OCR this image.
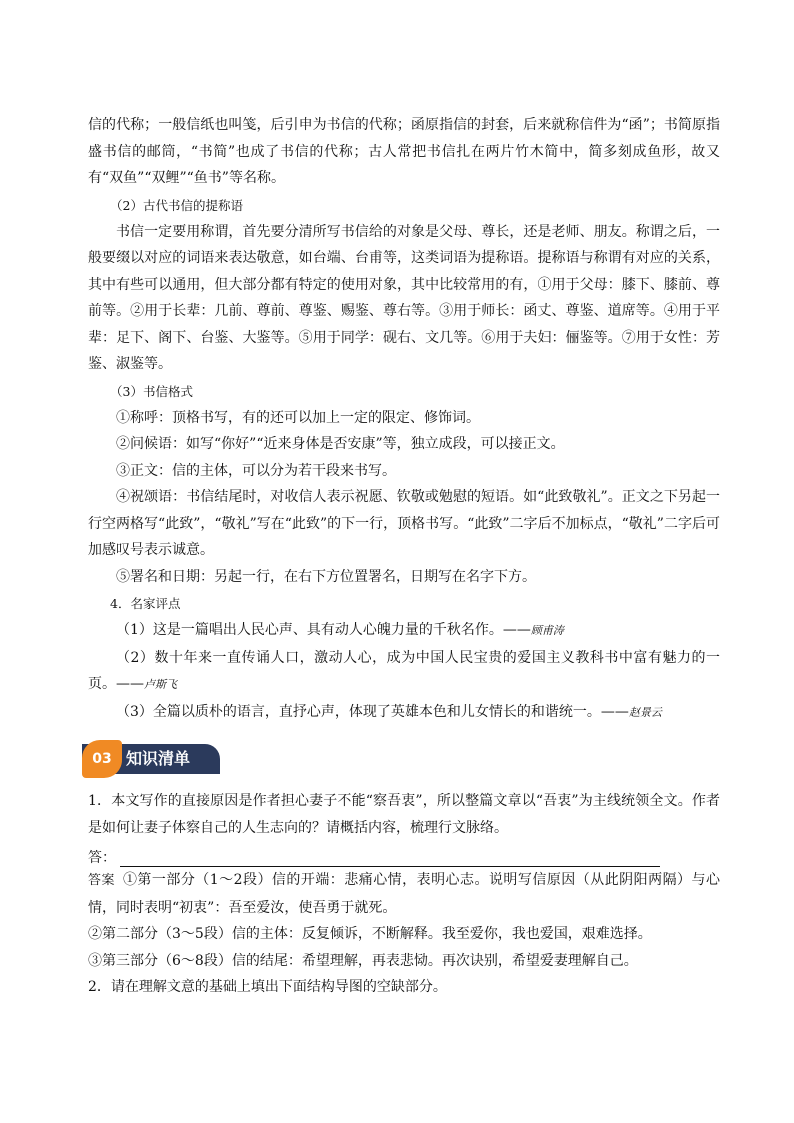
信的代称；一般信纸也叫笺，后引申为书信的代称；函原指信的封套，后来就称信件为“函”；书简原指盛书信的邮筒，“书简”也成了书信的代称；古人常把书信扎在两片竹木简中，简多刻成鱼形，故又有“双鱼”“双鲤”“鱼书”等名称。

（2）古代书信的提称语

书信一定要用称谓，首先要分清所写书信给的对象是父母、尊长，还是老师、朋友。称谓之后，一般要缀以对应的词语来表达敬意，如台端、台甫等，这类词语为提称语。提称语与称谓有对应的关系，其中有些可以通用，但大部分都有特定的使用对象，其中比较常用的有，①用于父母：膝下、膝前、尊前等。②用于长辈：几前、尊前、尊鉴、赐鉴、尊右等。③用于师长：函丈、尊鉴、道席等。④用于平辈：足下、阁下、台鉴、大鉴等。⑤用于同学：砚右、文几等。⑥用于夫妇：俪鉴等。⑦用于女性：芳鉴、淑鉴等。

（3）书信格式

①称呼：顶格书写，有的还可以加上一定的限定、修饰词。

②问候语：如写“你好”“近来身体是否安康”等，独立成段，可以接正文。

③正文：信的主体，可以分为若干段来书写。

④祝颂语：书信结尾时，对收信人表示祝愿、钦敬或勉慰的短语。如“此致敬礼”。正文之下另起一行空两格写“此致”，“敬礼”写在“此致”的下一行，顶格书写。“此致”二字后不加标点，“敬礼”二字后可加感叹号表示诚意。

⑤署名和日期：另起一行，在右下方位置署名，日期写在名字下方。

4．名家评点

（1）这是一篇唱出人民心声、具有动人心魄力量的千秋名作。——顾甫涛

（2）数十年来一直传诵人口，激动人心，成为中国人民宝贵的爱国主义教科书中富有魅力的一页。——卢斯飞

（3）全篇以质朴的语言，直抒心声，体现了英雄本色和儿女情长的和谐统一。——赵景云

03 知识清单

1．本文写作的直接原因是作者担心妻子不能“察吾衷”，所以整篇文章以“吾衷”为主线统领全文。作者是如何让妻子体察自己的人生志向的？请概括内容，梳理行文脉络。

答：

答案 ①第一部分（1～2段）信的开端：悲痛心情，表明心志。说明写信原因（从此阴阳两隔）与心情，同时表明“初衷”：吾至爱汝，使吾勇于就死。

②第二部分（3～5段）信的主体：反复倾诉，不断解释。我至爱你，我也爱国，艰难选择。

③第三部分（6～8段）信的结尾：希望理解，再表悲恸。再次诀别，希望爱妻理解自己。

2．请在理解文意的基础上填出下面结构导图的空缺部分。
